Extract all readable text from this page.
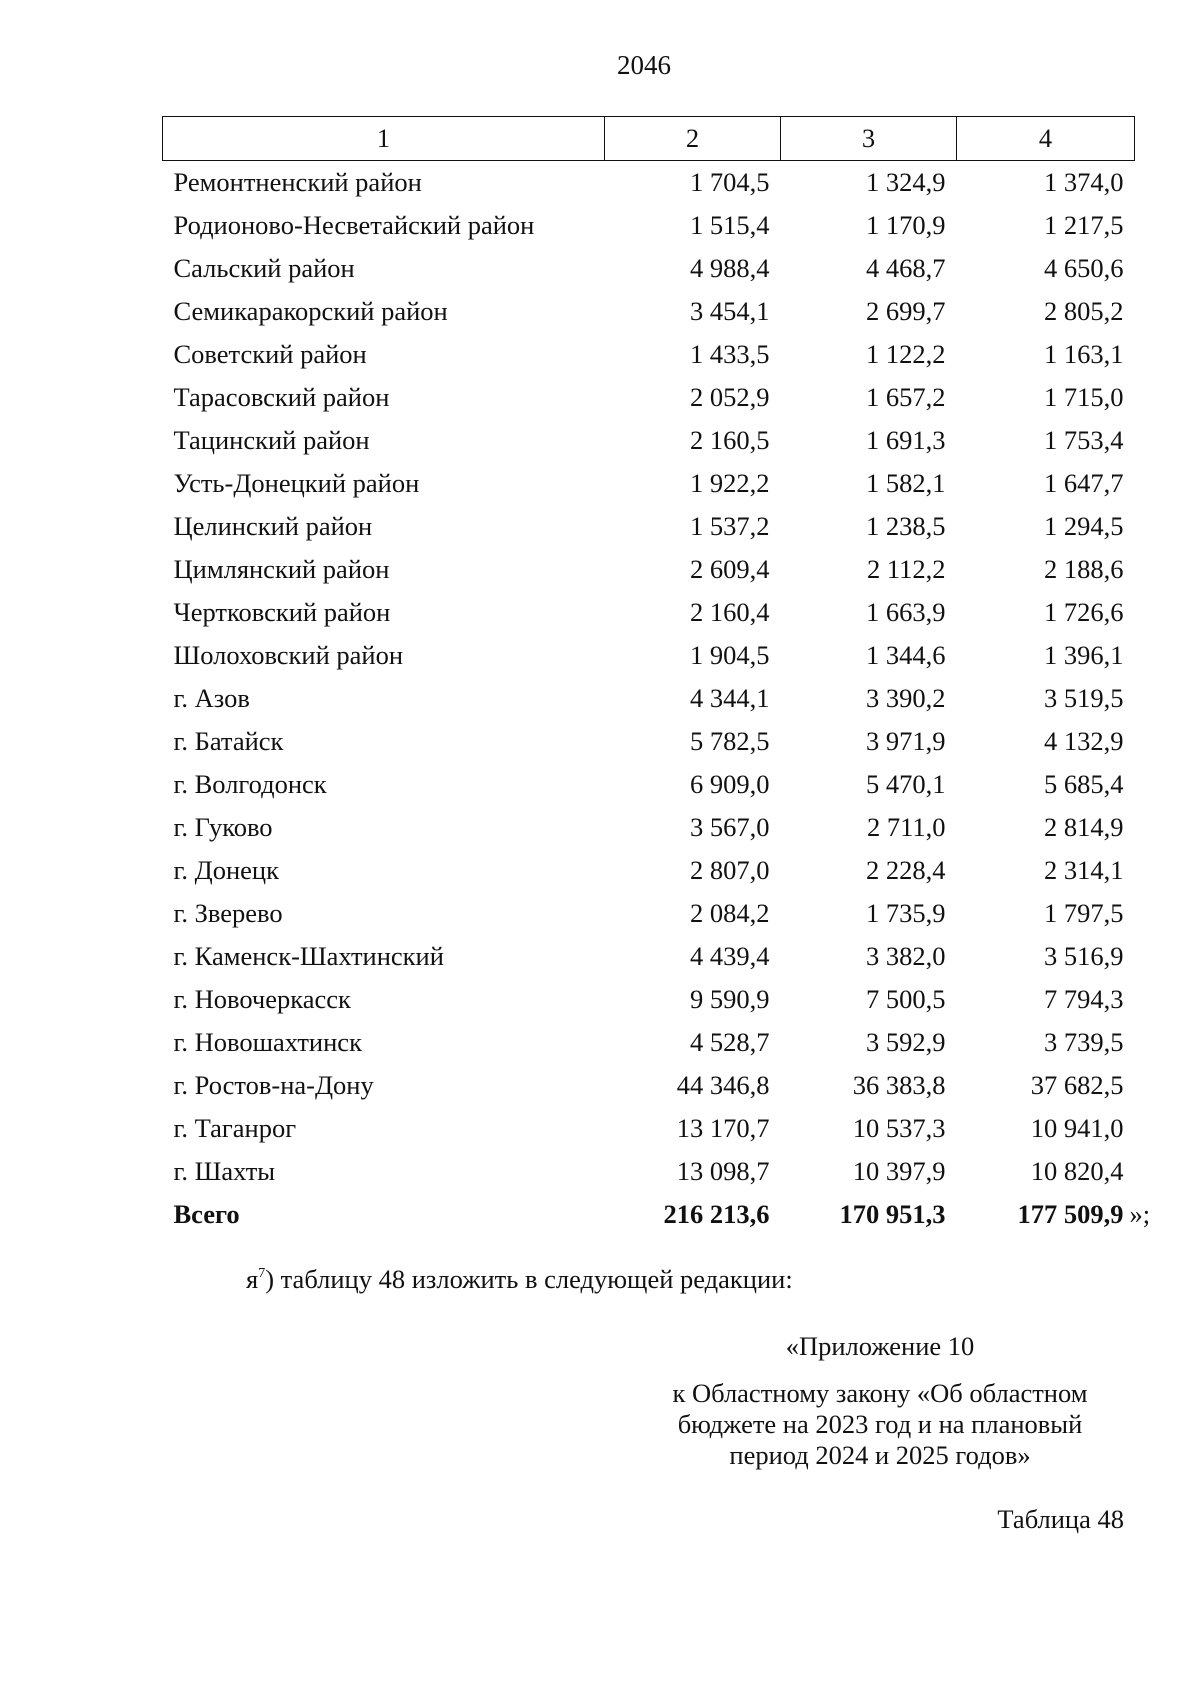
2046
1	2	3	4
Ремонтненский район	1 704,5	1 324,9	1 374,0
Родионово-Несветайский район	1 515,4	1 170,9	1 217,5
Сальский район	4 988,4	4 468,7	4 650,6
Семикаракорский район	3 454,1	2 699,7	2 805,2
Советский район	1 433,5	1 122,2	1 163,1
Тарасовский район	2 052,9	1 657,2	1 715,0
Тацинский район	2 160,5	1 691,3	1 753,4
Усть-Донецкий район	1 922,2	1 582,1	1 647,7
Целинский район	1 537,2	1 238,5	1 294,5
Цимлянский район	2 609,4	2 112,2	2 188,6
Чертковский район	2 160,4	1 663,9	1 726,6
Шолоховский район	1 904,5	1 344,6	1 396,1
г. Азов	4 344,1	3 390,2	3 519,5
г. Батайск	5 782,5	3 971,9	4 132,9
г. Волгодонск	6 909,0	5 470,1	5 685,4
г. Гуково	3 567,0	2 711,0	2 814,9
г. Донецк	2 807,0	2 228,4	2 314,1
г. Зверево	2 084,2	1 735,9	1 797,5
г. Каменск-Шахтинский	4 439,4	3 382,0	3 516,9
г. Новочеркасск	9 590,9	7 500,5	7 794,3
г. Новошахтинск	4 528,7	3 592,9	3 739,5
г. Ростов-на-Дону	44 346,8	36 383,8	37 682,5
г. Таганрог	13 170,7	10 537,3	10 941,0
г. Шахты	13 098,7	10 397,9	10 820,4
Всего	216 213,6	170 951,3	177 509,9 »;
$я^7$) таблицу 48 изложить в следующей редакции:
«Приложение 10
к Областному закону «Об областном
бюджете на 2023 год и на плановый
период 2024 и 2025 годов»
Таблица 48
